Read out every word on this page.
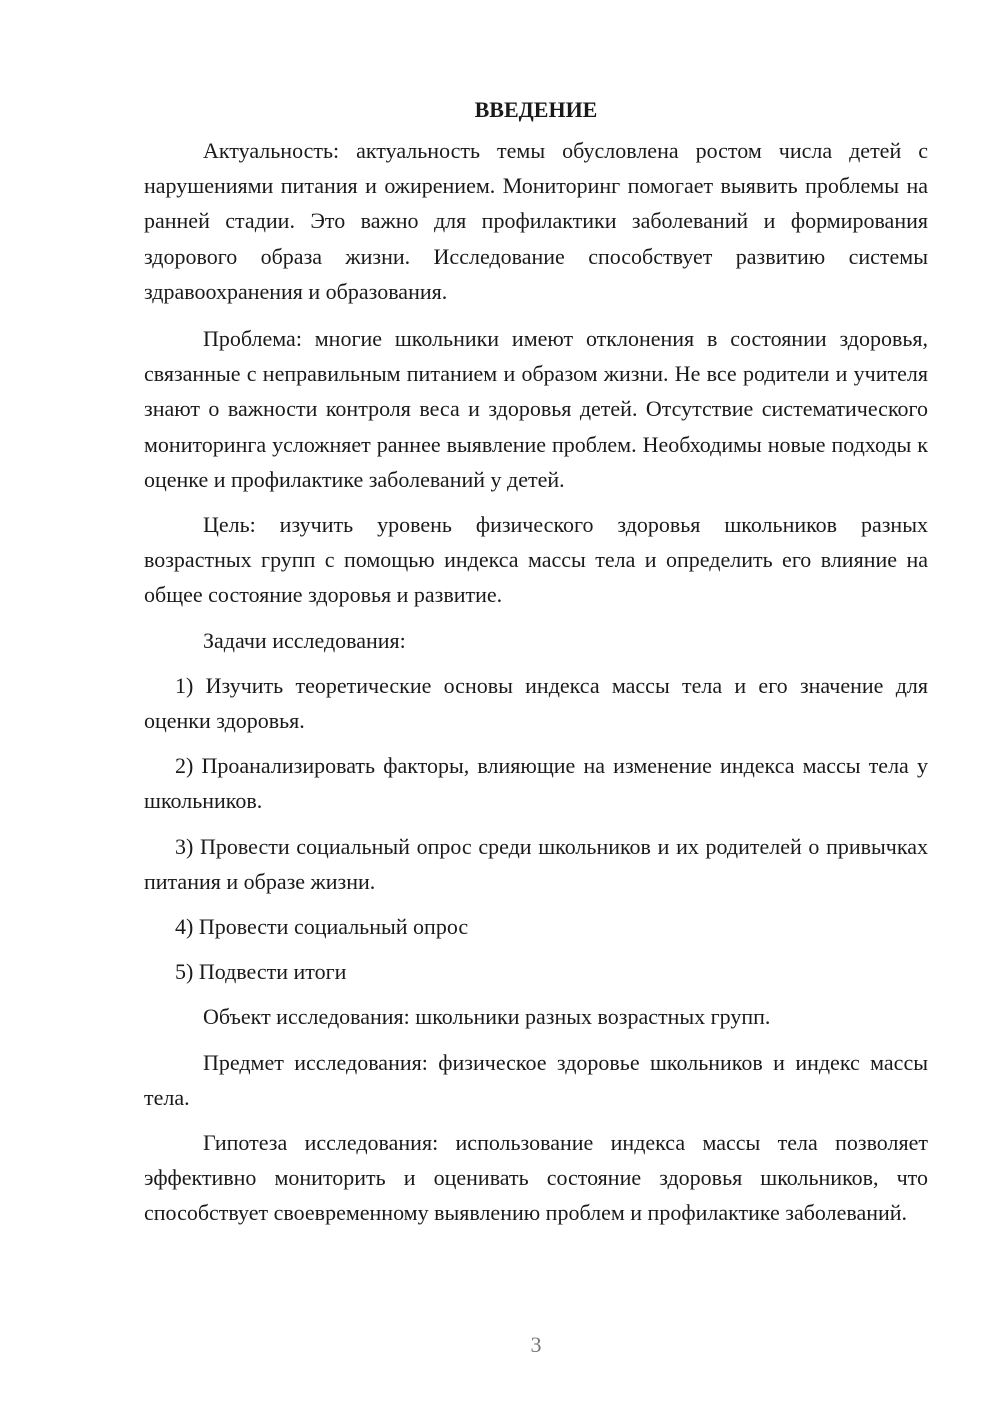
ВВЕДЕНИЕ

Актуальность: актуальность темы обусловлена ростом числа детей с нарушениями питания и ожирением. Мониторинг помогает выявить проблемы на ранней стадии. Это важно для профилактики заболеваний и формирования здорового образа жизни. Исследование способствует развитию системы здравоохранения и образования.

Проблема: многие школьники имеют отклонения в состоянии здоровья, связанные с неправильным питанием и образом жизни. Не все родители и учителя знают о важности контроля веса и здоровья детей. Отсутствие систематического мониторинга усложняет раннее выявление проблем. Необходимы новые подходы к оценке и профилактике заболеваний у детей.

Цель: изучить уровень физического здоровья школьников разных возрастных групп с помощью индекса массы тела и определить его влияние на общее состояние здоровья и развитие.

Задачи исследования:

1) Изучить теоретические основы индекса массы тела и его значение для оценки здоровья.

2) Проанализировать факторы, влияющие на изменение индекса массы тела у школьников.

3) Провести социальный опрос среди школьников и их родителей о привычках питания и образе жизни.

4) Провести социальный опрос

5) Подвести итоги

Объект исследования: школьники разных возрастных групп.

Предмет исследования: физическое здоровье школьников и индекс массы тела.

Гипотеза исследования: использование индекса массы тела позволяет эффективно мониторить и оценивать состояние здоровья школьников, что способствует своевременному выявлению проблем и профилактике заболеваний.

3
